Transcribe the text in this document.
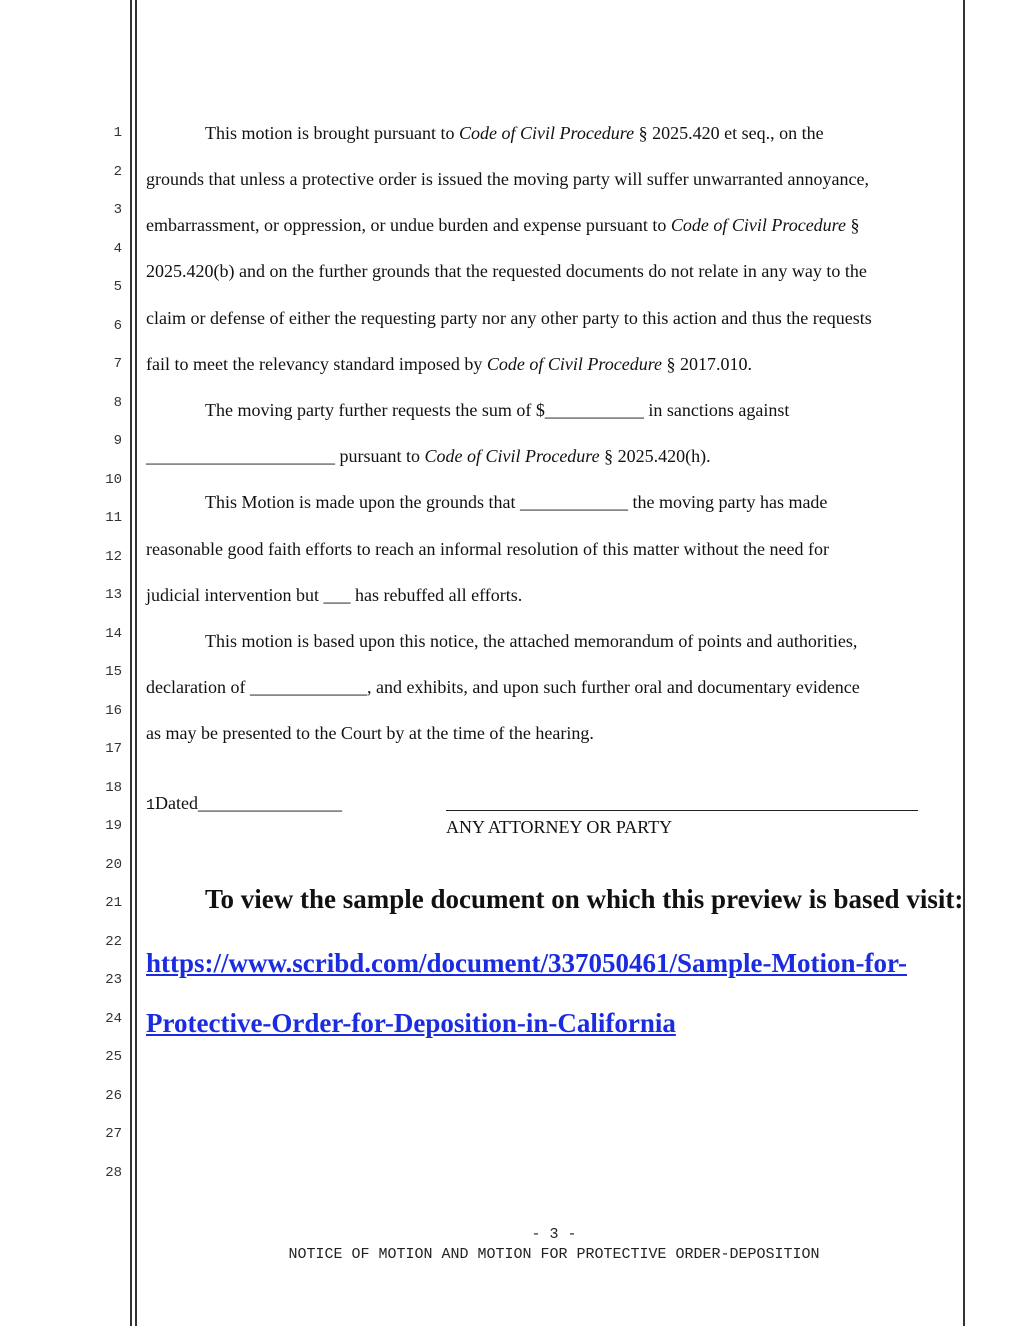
1
2
3
4
5
6
7
8
9
10
11
12
13
14
15
16
17
18
19
20
21
22
23
24
25
26
27
28
This motion is brought pursuant to Code of Civil Procedure § 2025.420 et seq., on the
grounds that unless a protective order is issued the moving party will suffer unwarranted annoyance,
embarrassment, or oppression, or undue burden and expense pursuant to Code of Civil Procedure §
2025.420(b) and on the further grounds that the requested documents do not relate in any way to the
claim or defense of either the requesting party nor any other party to this action and thus the requests
fail to meet the relevancy standard imposed by Code of Civil Procedure § 2017.010.
The moving party further requests the sum of $___________ in sanctions against
_____________________ pursuant to Code of Civil Procedure § 2025.420(h).
This Motion is made upon the grounds that ____________ the moving party has made
reasonable good faith efforts to reach an informal resolution of this matter without the need for
judicial intervention but ___ has rebuffed all efforts.
This motion is based upon this notice, the attached memorandum of points and authorities,
declaration of _____________, and exhibits, and upon such further oral and documentary evidence
as may be presented to the Court by at the time of the hearing.
1Dated________________
ANY ATTORNEY OR PARTY
To view the sample document on which this preview is based visit:
https://www.scribd.com/document/337050461/Sample-Motion-for-
Protective-Order-for-Deposition-in-California
- 3 -
NOTICE OF MOTION AND MOTION FOR PROTECTIVE ORDER-DEPOSITION
